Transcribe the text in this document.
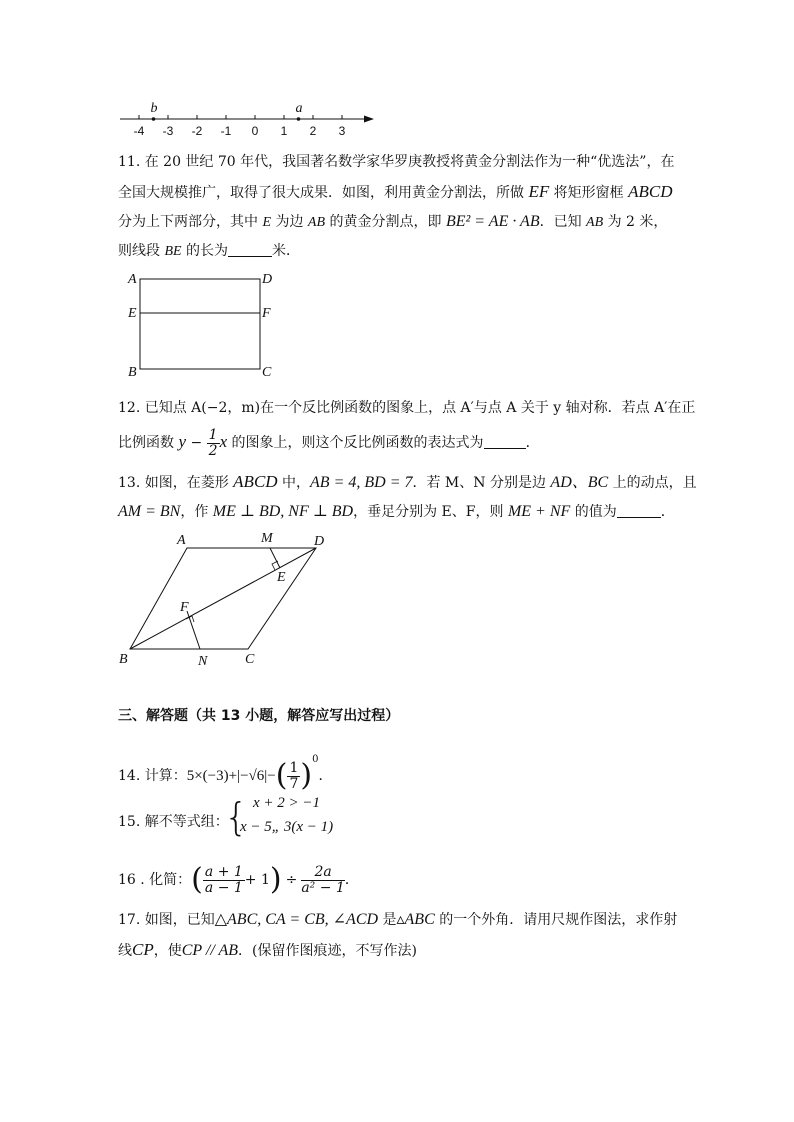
-4 -3 -2 -1 0 1 2 3
b	a
11. 在 20 世纪 70 年代，我国著名数学家华罗庚教授将黄金分割法作为一种“优选法”，在
全国大规模推广，取得了很大成果．如图，利用黄金分割法，所做 EF 将矩形窗框 ABCD
分为上下两部分，其中 E 为边 AB 的黄金分割点，即 BE² = AE · AB．已知 AB 为 2 米，
则线段 BE 的长为	米．
A	D
E	F
B	C
12. 已知点 A(−2，m)在一个反比例函数的图象上，点 A′与点 A 关于 y 轴对称．若点 A′在正
比例函数 $y - \frac{1}{2}$ x 的图象上，则这个反比例函数的表达式为	．
13. 如图，在菱形 ABCD 中，AB = 4, BD = 7．若 M、N 分别是边 AD、BC 上的动点，且
AM = BN，作 ME ⊥ BD, NF ⊥ BD，垂足分别为 E、F，则 ME + NF 的值为	．
A	M	D
E
F
B	N	C
三、解答题（共 13 小题，解答应写出过程）
14. 计算：$5\times(-3)+|-√6|-( \frac{1}{7} )^0$．
15. 解不等式组：
{ x + 2 > −1
x − 5„ 3(x − 1)
16 . 化简：( $\frac{a + 1}{a - 1} + 1) \div \frac{2a}{\text{a² − 1}}$ ．
17. 如图，已知△ABC, CA = CB, ∠ACD 是▵ABC 的一个外角．请用尺规作图法，求作射
线CP，使CP // AB．(保留作图痕迹，不写作法)
